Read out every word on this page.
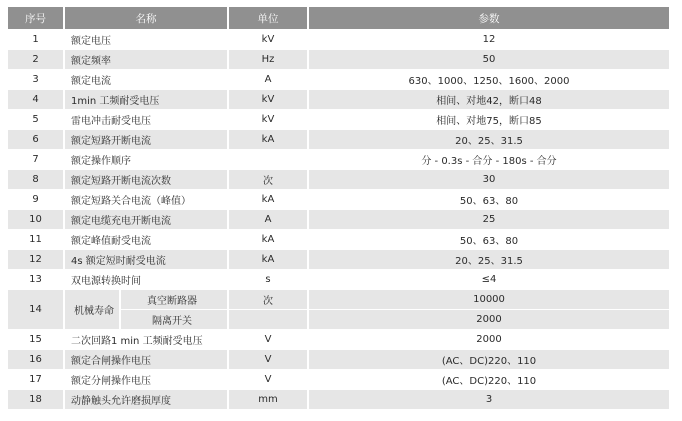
序号	名称		单位	参数
1	额定电压		kV	12
2	额定频率		Hz	50
3	额定电流		A	630、1000、1250、1600、2000
4	1min 工频耐受电压		kV	相间、对地42，断口48
5	雷电冲击耐受电压		kV	相间、对地75，断口85
6	额定短路开断电流		kA	20、25、31.5
7	额定操作顺序			分 - 0.3s - 合分 - 180s - 合分
8	额定短路开断电流次数		次	30
9	额定短路关合电流（峰值）		kA	50、63、80
10	额定电缆充电开断电流		A	25
11	额定峰值耐受电流		kA	50、63、80
12	4s 额定短时耐受电流		kA	20、25、31.5
13	双电源转换时间		s	≤4
14	机械寿命	真空断路器	次	10000
		隔离开关		2000
15	二次回路1 min 工频耐受电压		V	2000
16	额定合闸操作电压		V	(AC、DC)220、110
17	额定分闸操作电压		V	(AC、DC)220、110
18	动静触头允许磨损厚度		mm	3
